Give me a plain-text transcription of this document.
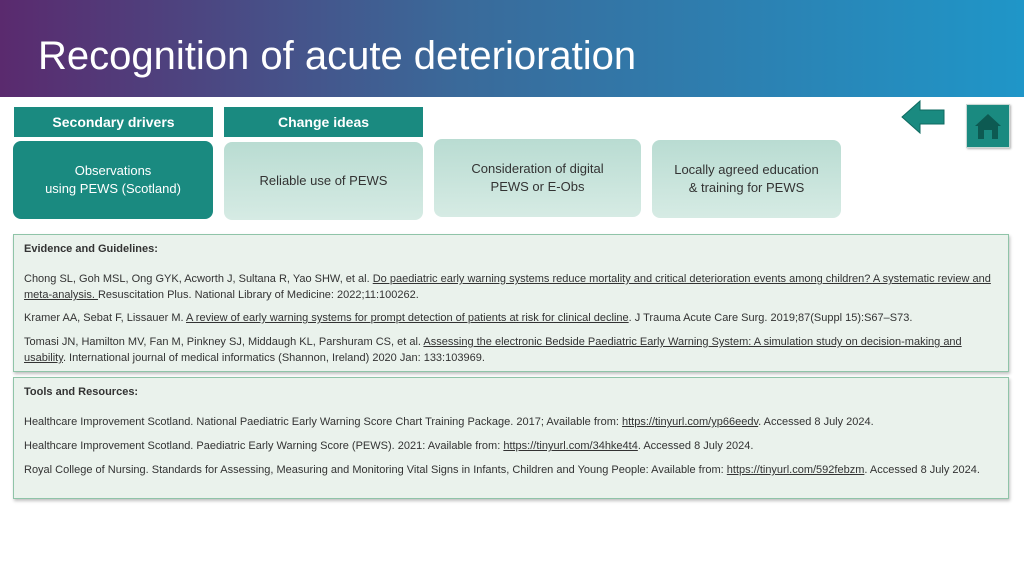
Recognition of acute deterioration
Secondary drivers	Change ideas
Observations
using PEWS (Scotland)
Reliable use of PEWS
Consideration of digital
PEWS or E-Obs
Locally agreed education
& training for PEWS

Evidence and Guidelines:

Chong SL, Goh MSL, Ong GYK, Acworth J, Sultana R, Yao SHW, et al. Do paediatric early warning systems reduce mortality and critical deterioration events among children? A systematic review and meta-analysis. Resuscitation Plus. National Library of Medicine: 2022;11:100262.

Kramer AA, Sebat F, Lissauer M. A review of early warning systems for prompt detection of patients at risk for clinical decline. J Trauma Acute Care Surg. 2019;87(Suppl 15):S67–S73.

Tomasi JN, Hamilton MV, Fan M, Pinkney SJ, Middaugh KL, Parshuram CS, et al. Assessing the electronic Bedside Paediatric Early Warning System: A simulation study on decision-making and usability. International journal of medical informatics (Shannon, Ireland) 2020 Jan: 133:103969.

Tools and Resources:

Healthcare Improvement Scotland. National Paediatric Early Warning Score Chart Training Package. 2017; Available from: https://tinyurl.com/yp66eedv. Accessed 8 July 2024.

Healthcare Improvement Scotland. Paediatric Early Warning Score (PEWS). 2021: Available from: https://tinyurl.com/34hke4t4. Accessed 8 July 2024.

Royal College of Nursing. Standards for Assessing, Measuring and Monitoring Vital Signs in Infants, Children and Young People: Available from: https://tinyurl.com/592febzm. Accessed 8 July 2024.
